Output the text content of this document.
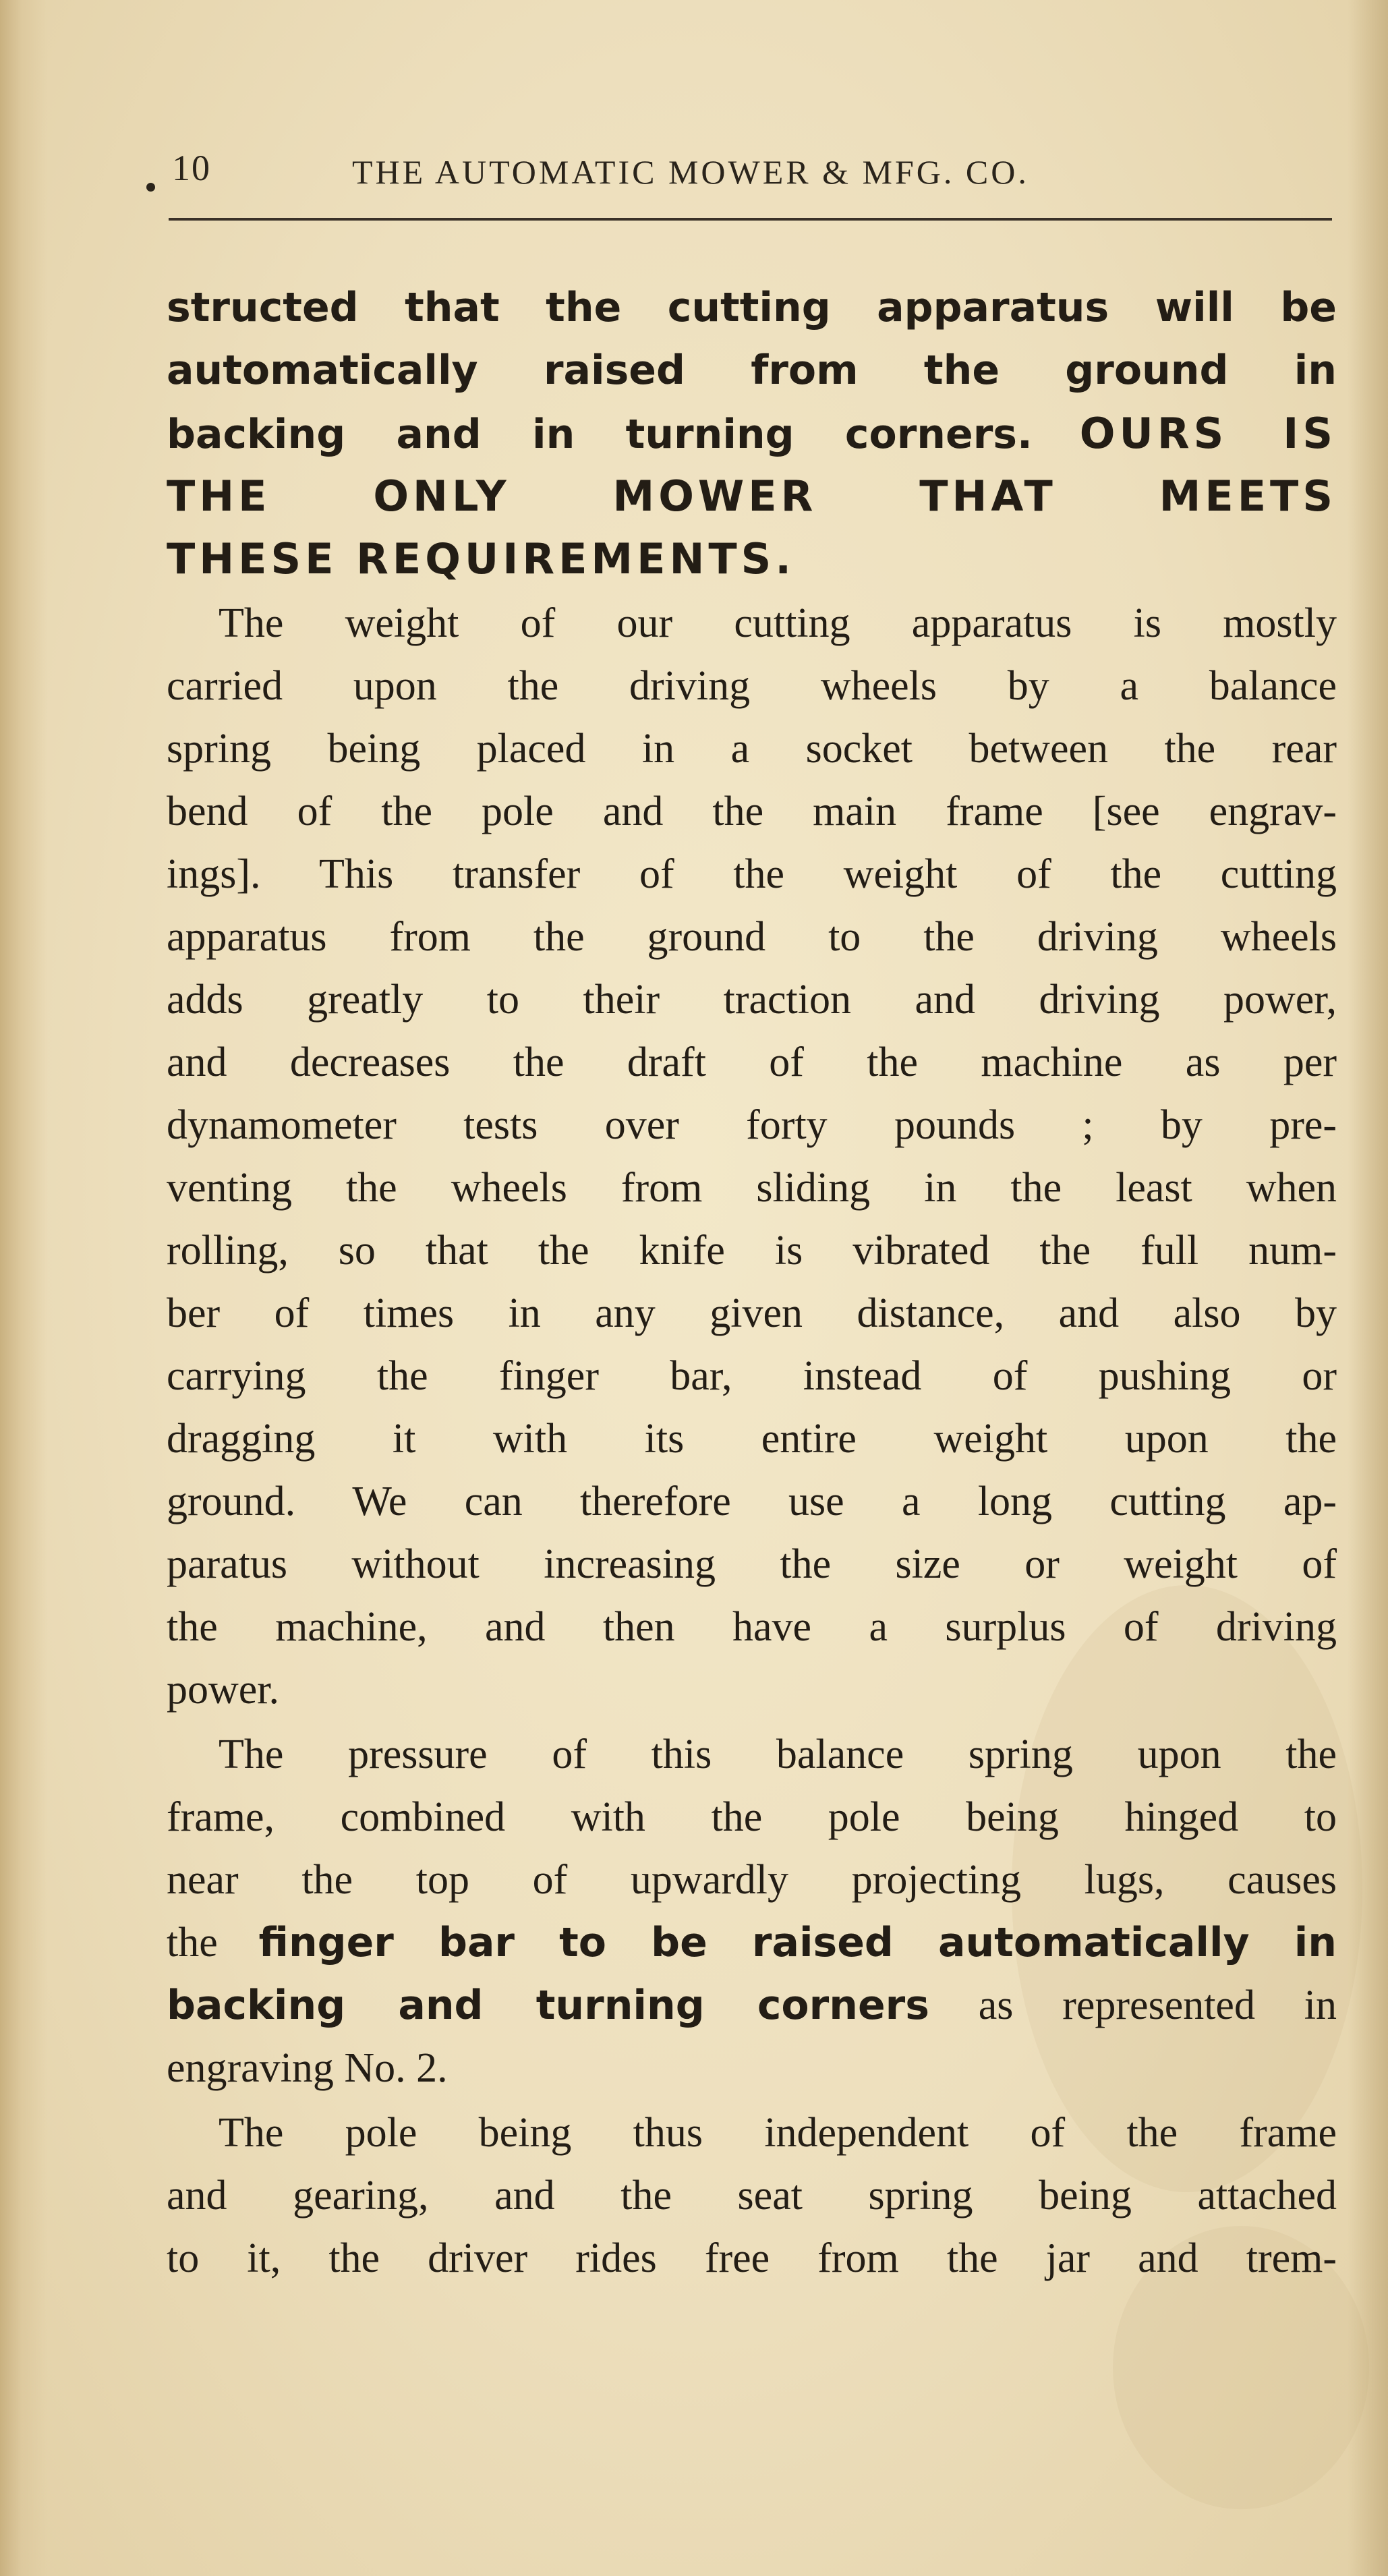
10	THE AUTOMATIC MOWER & MFG. CO.
structed that the cutting apparatus will be
automatically raised from the ground in
backing and in turning corners. OURS IS
THE ONLY MOWER THAT MEETS
THESE REQUIREMENTS.
The weight of our cutting apparatus is mostly
carried upon the driving wheels by a balance
spring being placed in a socket between the rear
bend of the pole and the main frame [see engrav-
ings]. This transfer of the weight of the cutting
apparatus from the ground to the driving wheels
adds greatly to their traction and driving power,
and decreases the draft of the machine as per
dynamometer tests over forty pounds ; by pre-
venting the wheels from sliding in the least when
rolling, so that the knife is vibrated the full num-
ber of times in any given distance, and also by
carrying the finger bar, instead of pushing or
dragging it with its entire weight upon the
ground. We can therefore use a long cutting ap-
paratus without increasing the size or weight of
the machine, and then have a surplus of driving
power.
The pressure of this balance spring upon the
frame, combined with the pole being hinged to
near the top of upwardly projecting lugs, causes
the finger bar to be raised automatically in
backing and turning corners as represented in
engraving No. 2.
The pole being thus independent of the frame
and gearing, and the seat spring being attached
to it, the driver rides free from the jar and trem-
